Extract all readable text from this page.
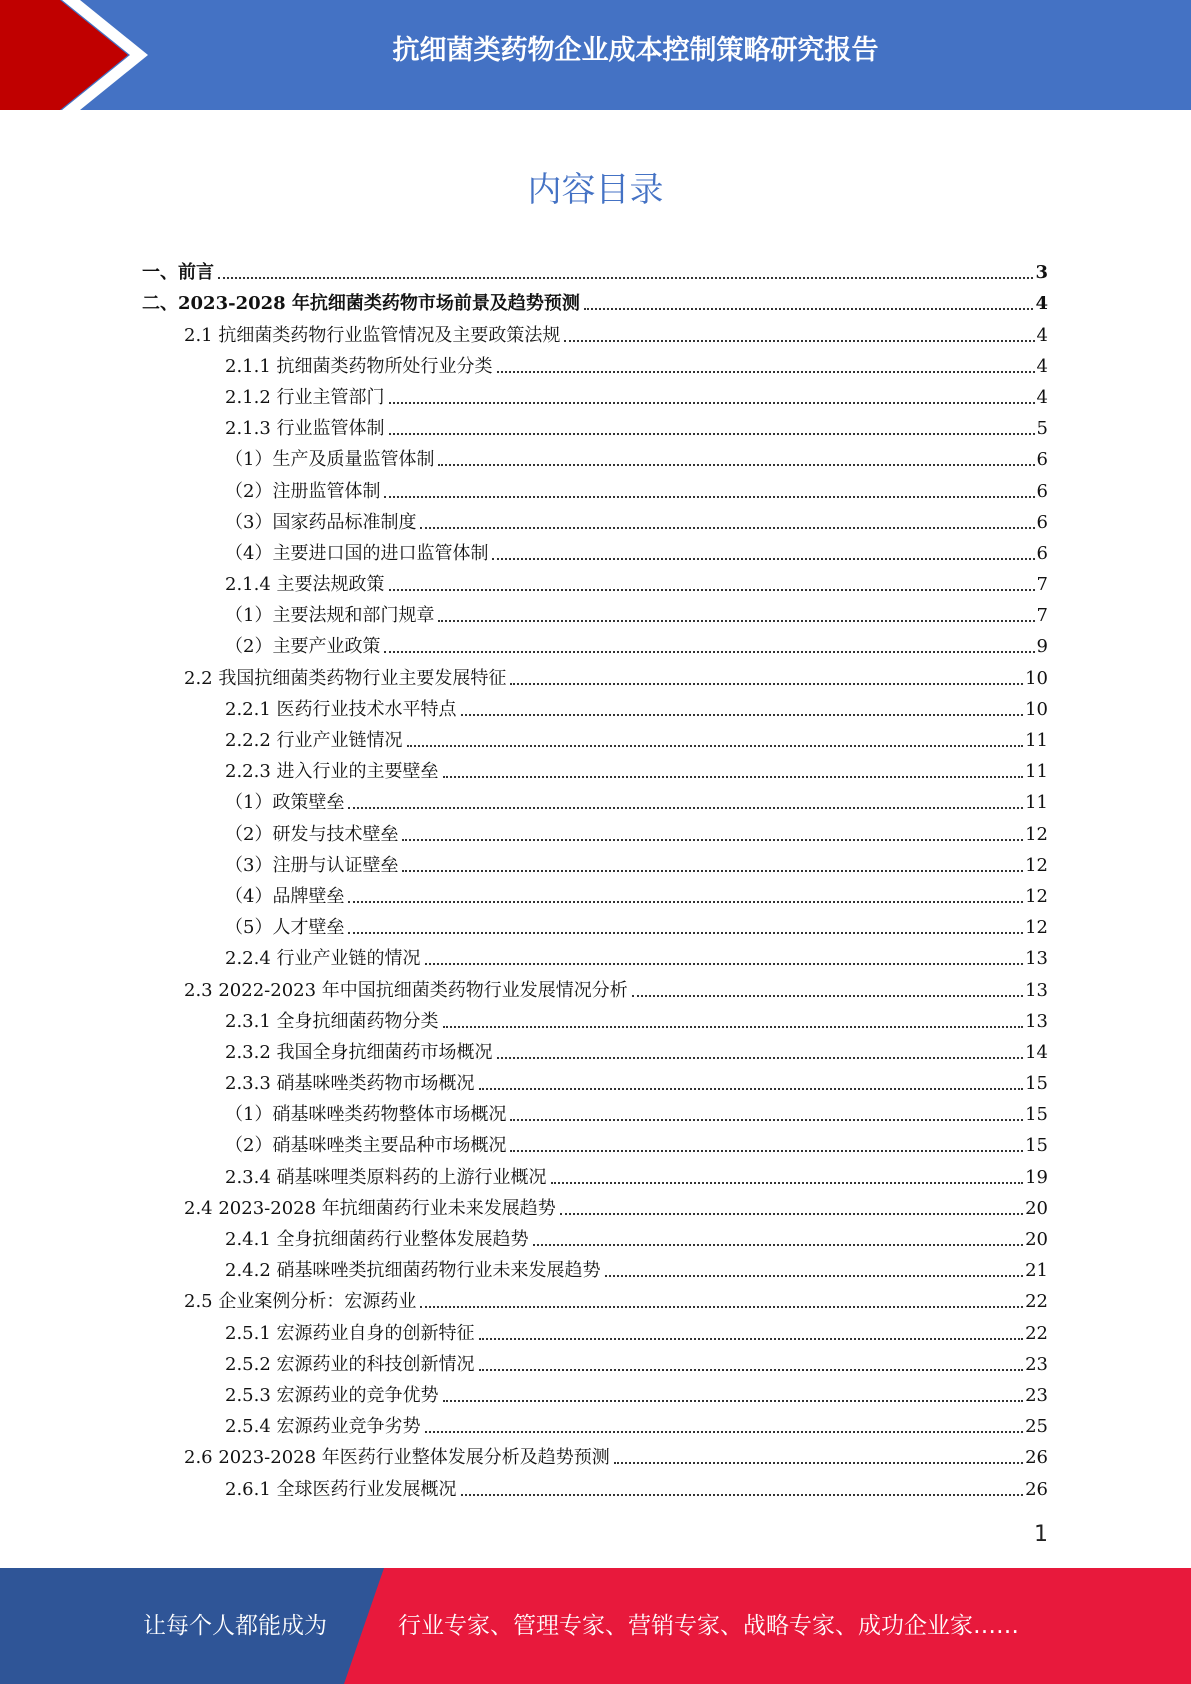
抗细菌类药物企业成本控制策略研究报告
内容目录
一、前言	3
二、2023-2028 年抗细菌类药物市场前景及趋势预测	4
2.1 抗细菌类药物行业监管情况及主要政策法规	4
2.1.1 抗细菌类药物所处行业分类	4
2.1.2 行业主管部门	4
2.1.3 行业监管体制	5
（1）生产及质量监管体制	6
（2）注册监管体制	6
（3）国家药品标准制度	6
（4）主要进口国的进口监管体制	6
2.1.4 主要法规政策	7
（1）主要法规和部门规章	7
（2）主要产业政策	9
2.2 我国抗细菌类药物行业主要发展特征	10
2.2.1 医药行业技术水平特点	10
2.2.2 行业产业链情况	11
2.2.3 进入行业的主要壁垒	11
（1）政策壁垒	11
（2）研发与技术壁垒	12
（3）注册与认证壁垒	12
（4）品牌壁垒	12
（5）人才壁垒	12
2.2.4 行业产业链的情况	13
2.3 2022-2023 年中国抗细菌类药物行业发展情况分析	13
2.3.1 全身抗细菌药物分类	13
2.3.2 我国全身抗细菌药市场概况	14
2.3.3 硝基咪唑类药物市场概况	15
（1）硝基咪唑类药物整体市场概况	15
（2）硝基咪唑类主要品种市场概况	15
2.3.4 硝基咪哩类原料药的上游行业概况	19
2.4 2023-2028 年抗细菌药行业未来发展趋势	20
2.4.1 全身抗细菌药行业整体发展趋势	20
2.4.2 硝基咪唑类抗细菌药物行业未来发展趋势	21
2.5 企业案例分析：宏源药业	22
2.5.1 宏源药业自身的创新特征	22
2.5.2 宏源药业的科技创新情况	23
2.5.3 宏源药业的竞争优势	23
2.5.4 宏源药业竞争劣势	25
2.6 2023-2028 年医药行业整体发展分析及趋势预测	26
2.6.1 全球医药行业发展概况	26
1
让每个人都能成为	行业专家、管理专家、营销专家、战略专家、成功企业家……
